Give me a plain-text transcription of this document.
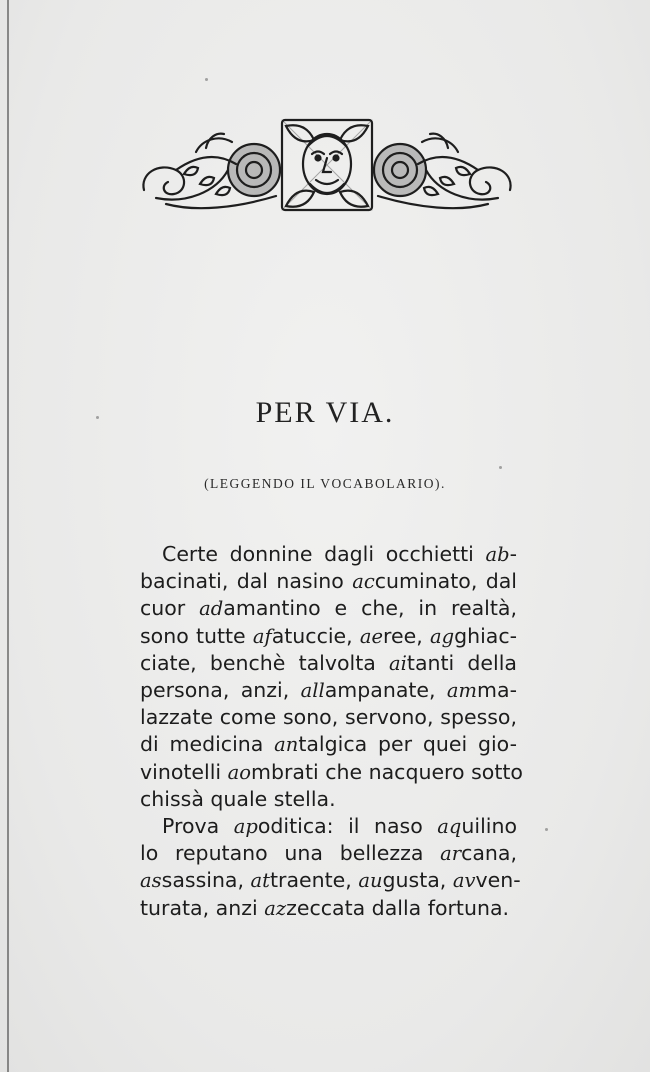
PER VIA.
(LEGGENDO IL VOCABOLARIO).
Certe donnine dagli occhietti ab-
bacinati, dal nasino accuminato, dal
cuor adamantino e che, in realtà,
sono tutte afatuccie, aeree, agghiac-
ciate, benchè talvolta aitanti della
persona, anzi, allampanate, amma-
lazzate come sono, servono, spesso,
di medicina antalgica per quei gio-
vinotelli aombrati che nacquero sotto
chissà quale stella.
Prova apoditica: il naso aquilino
lo reputano una bellezza arcana,
assassina, attraente, augusta, avven-
turata, anzi azzeccata dalla fortuna.
